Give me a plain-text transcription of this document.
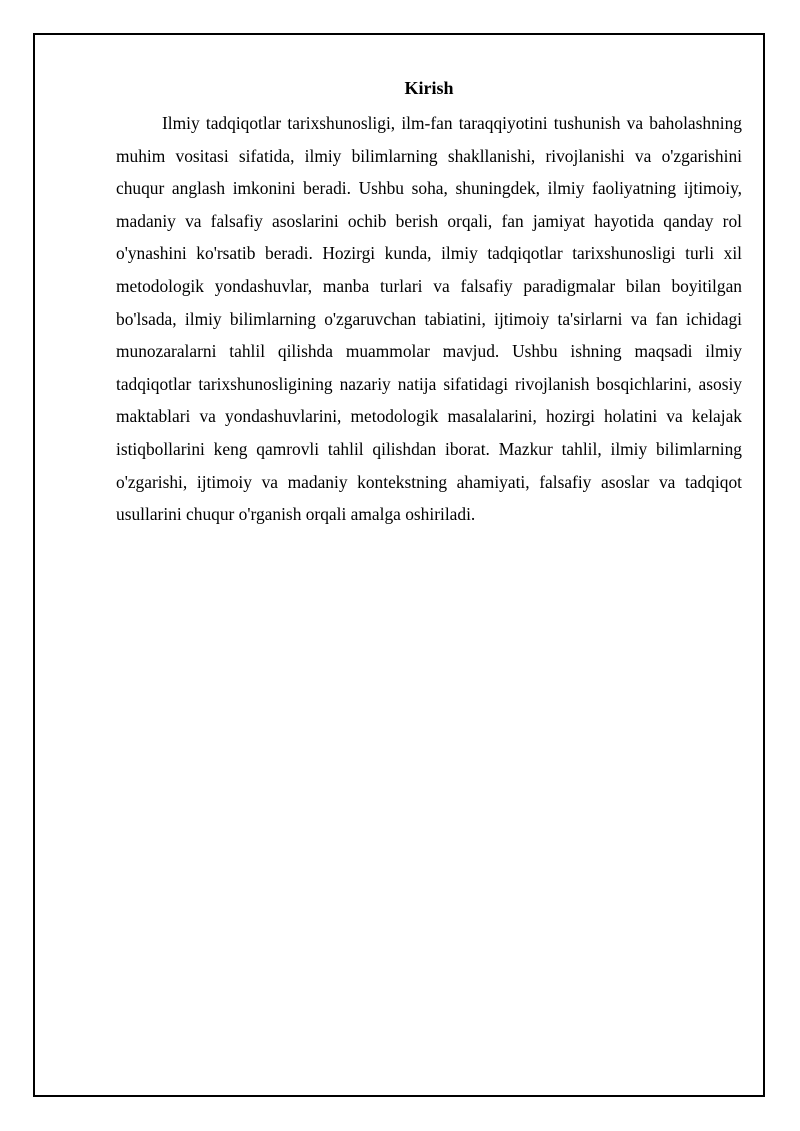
Kirish

Ilmiy tadqiqotlar tarixshunosligi, ilm-fan taraqqiyotini tushunish va baholashning muhim vositasi sifatida, ilmiy bilimlarning shakllanishi, rivojlanishi va o'zgarishini chuqur anglash imkonini beradi. Ushbu soha, shuningdek, ilmiy faoliyatning ijtimoiy, madaniy va falsafiy asoslarini ochib berish orqali, fan jamiyat hayotida qanday rol o'ynashini ko'rsatib beradi. Hozirgi kunda, ilmiy tadqiqotlar tarixshunosligi turli xil metodologik yondashuvlar, manba turlari va falsafiy paradigmalar bilan boyitilgan bo'lsada, ilmiy bilimlarning o'zgaruvchan tabiatini, ijtimoiy ta'sirlarni va fan ichidagi munozaralarni tahlil qilishda muammolar mavjud. Ushbu ishning maqsadi ilmiy tadqiqotlar tarixshunosligining nazariy natija sifatidagi rivojlanish bosqichlarini, asosiy maktablari va yondashuvlarini, metodologik masalalarini, hozirgi holatini va kelajak istiqbollarini keng qamrovli tahlil qilishdan iborat. Mazkur tahlil, ilmiy bilimlarning o'zgarishi, ijtimoiy va madaniy kontekstning ahamiyati, falsafiy asoslar va tadqiqot usullarini chuqur o'rganish orqali amalga oshiriladi.
